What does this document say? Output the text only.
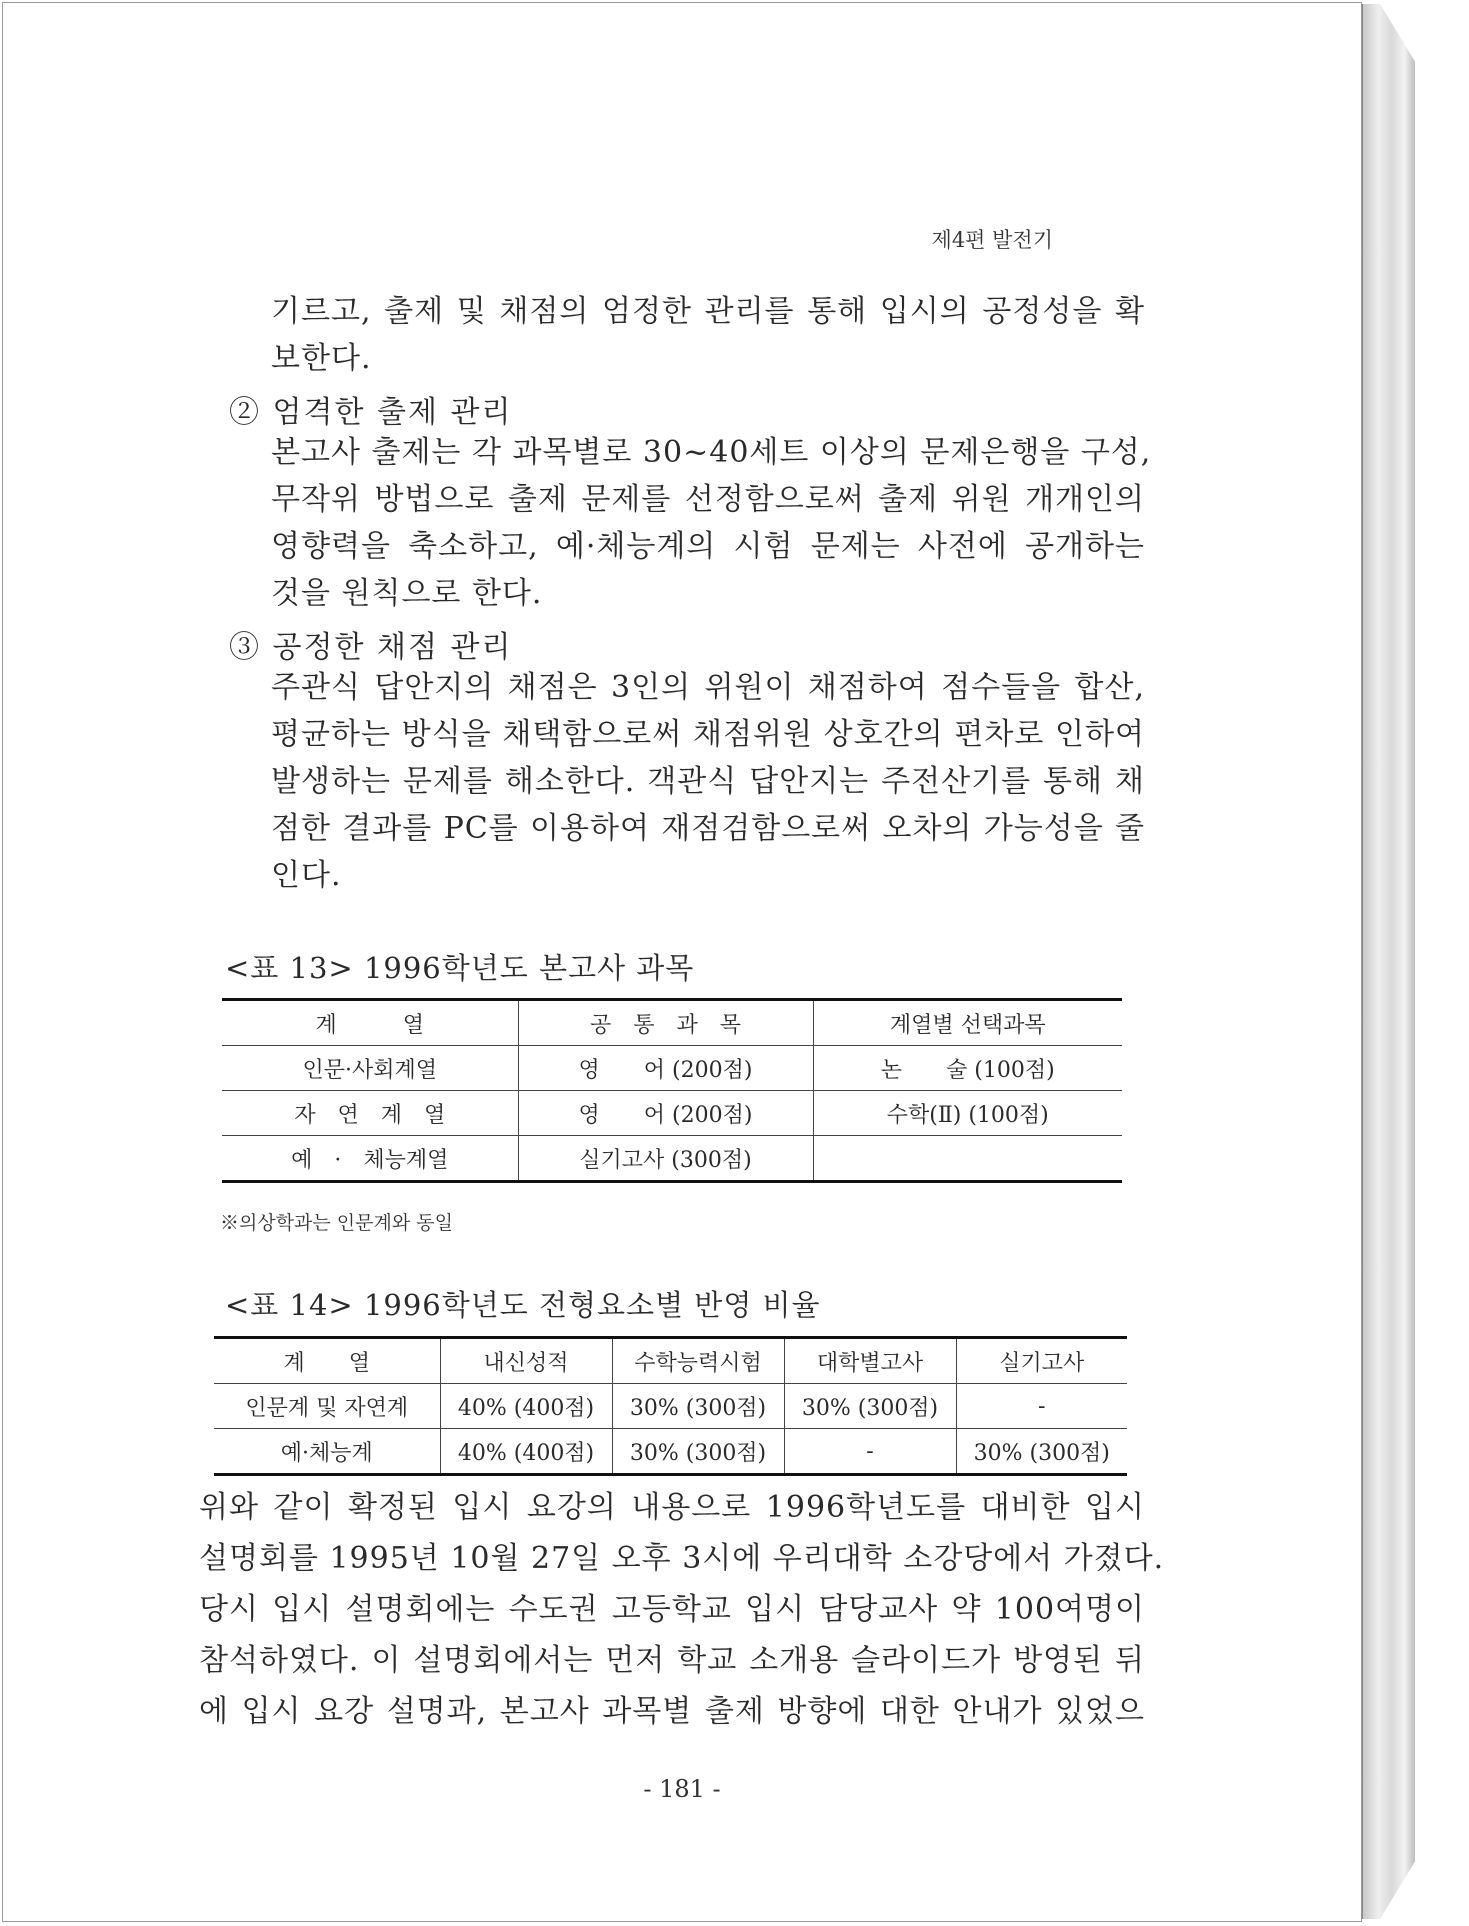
제4편 발전기
기르고, 출제 및 채점의 엄정한 관리를 통해 입시의 공정성을 확
보한다.
② 엄격한 출제 관리
본고사 출제는 각 과목별로 30~40세트 이상의 문제은행을 구성,
무작위 방법으로 출제 문제를 선정함으로써 출제 위원 개개인의
영향력을 축소하고, 예·체능계의 시험 문제는 사전에 공개하는
것을 원칙으로 한다.
③ 공정한 채점 관리
주관식 답안지의 채점은 3인의 위원이 채점하여 점수들을 합산,
평균하는 방식을 채택함으로써 채점위원 상호간의 편차로 인하여
발생하는 문제를 해소한다. 객관식 답안지는 주전산기를 통해 채
점한 결과를 PC를 이용하여 재점검함으로써 오차의 가능성을 줄
인다.
<표 13> 1996학년도 본고사 과목
계　　　열	공　통　과　목	계열별 선택과목
인문·사회계열	영　　어 (200점)	논　　술 (100점)
자　연　계　열	영　　어 (200점)	수학(Ⅱ) (100점)
예　·　체능계열	실기고사 (300점)	
※의상학과는 인문계와 동일
<표 14> 1996학년도 전형요소별 반영 비율
계　　열	내신성적	수학능력시험	대학별고사	실기고사
인문계 및 자연계	40% (400점)	30% (300점)	30% (300점)	-
예·체능계	40% (400점)	30% (300점)	-	30% (300점)
위와 같이 확정된 입시 요강의 내용으로 1996학년도를 대비한 입시
설명회를 1995년 10월 27일 오후 3시에 우리대학 소강당에서 가졌다.
당시 입시 설명회에는 수도권 고등학교 입시 담당교사 약 100여명이
참석하였다. 이 설명회에서는 먼저 학교 소개용 슬라이드가 방영된 뒤
에 입시 요강 설명과, 본고사 과목별 출제 방향에 대한 안내가 있었으
- 181 -
